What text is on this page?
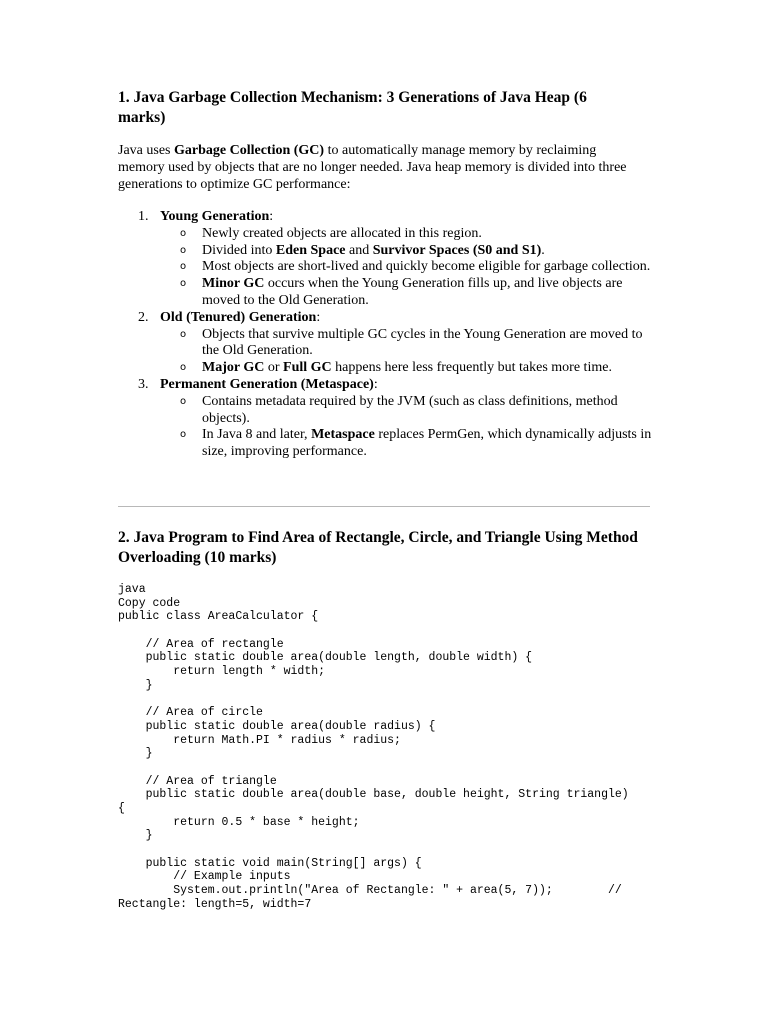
1. Java Garbage Collection Mechanism: 3 Generations of Java Heap (6 marks)

Java uses Garbage Collection (GC) to automatically manage memory by reclaiming memory used by objects that are no longer needed. Java heap memory is divided into three generations to optimize GC performance:

1. Young Generation:
o
Newly created objects are allocated in this region.
o
Divided into Eden Space and Survivor Spaces (S0 and S1).
o
Most objects are short-lived and quickly become eligible for garbage collection.
o
Minor GC occurs when the Young Generation fills up, and live objects are moved to the Old Generation.
2. Old (Tenured) Generation:
o
Objects that survive multiple GC cycles in the Young Generation are moved to the Old Generation.
o
Major GC or Full GC happens here less frequently but takes more time.
3. Permanent Generation (Metaspace):
o
Contains metadata required by the JVM (such as class definitions, method objects).
o
In Java 8 and later, Metaspace replaces PermGen, which dynamically adjusts in size, improving performance.
2. Java Program to Find Area of Rectangle, Circle, and Triangle Using Method Overloading (10 marks)
java
Copy code
public class AreaCalculator {
// Area of rectangle
public static double area(double length, double width) {
return length * width;
}
// Area of circle
public static double area(double radius) {
return Math.PI * radius * radius;
}
// Area of triangle
public static double area(double base, double height, String triangle)
{
return 0.5 * base * height;
}
public static void main(String[] args) {
// Example inputs
System.out.println("Area of Rectangle: " + area(5, 7));        //
Rectangle: length=5, width=7
